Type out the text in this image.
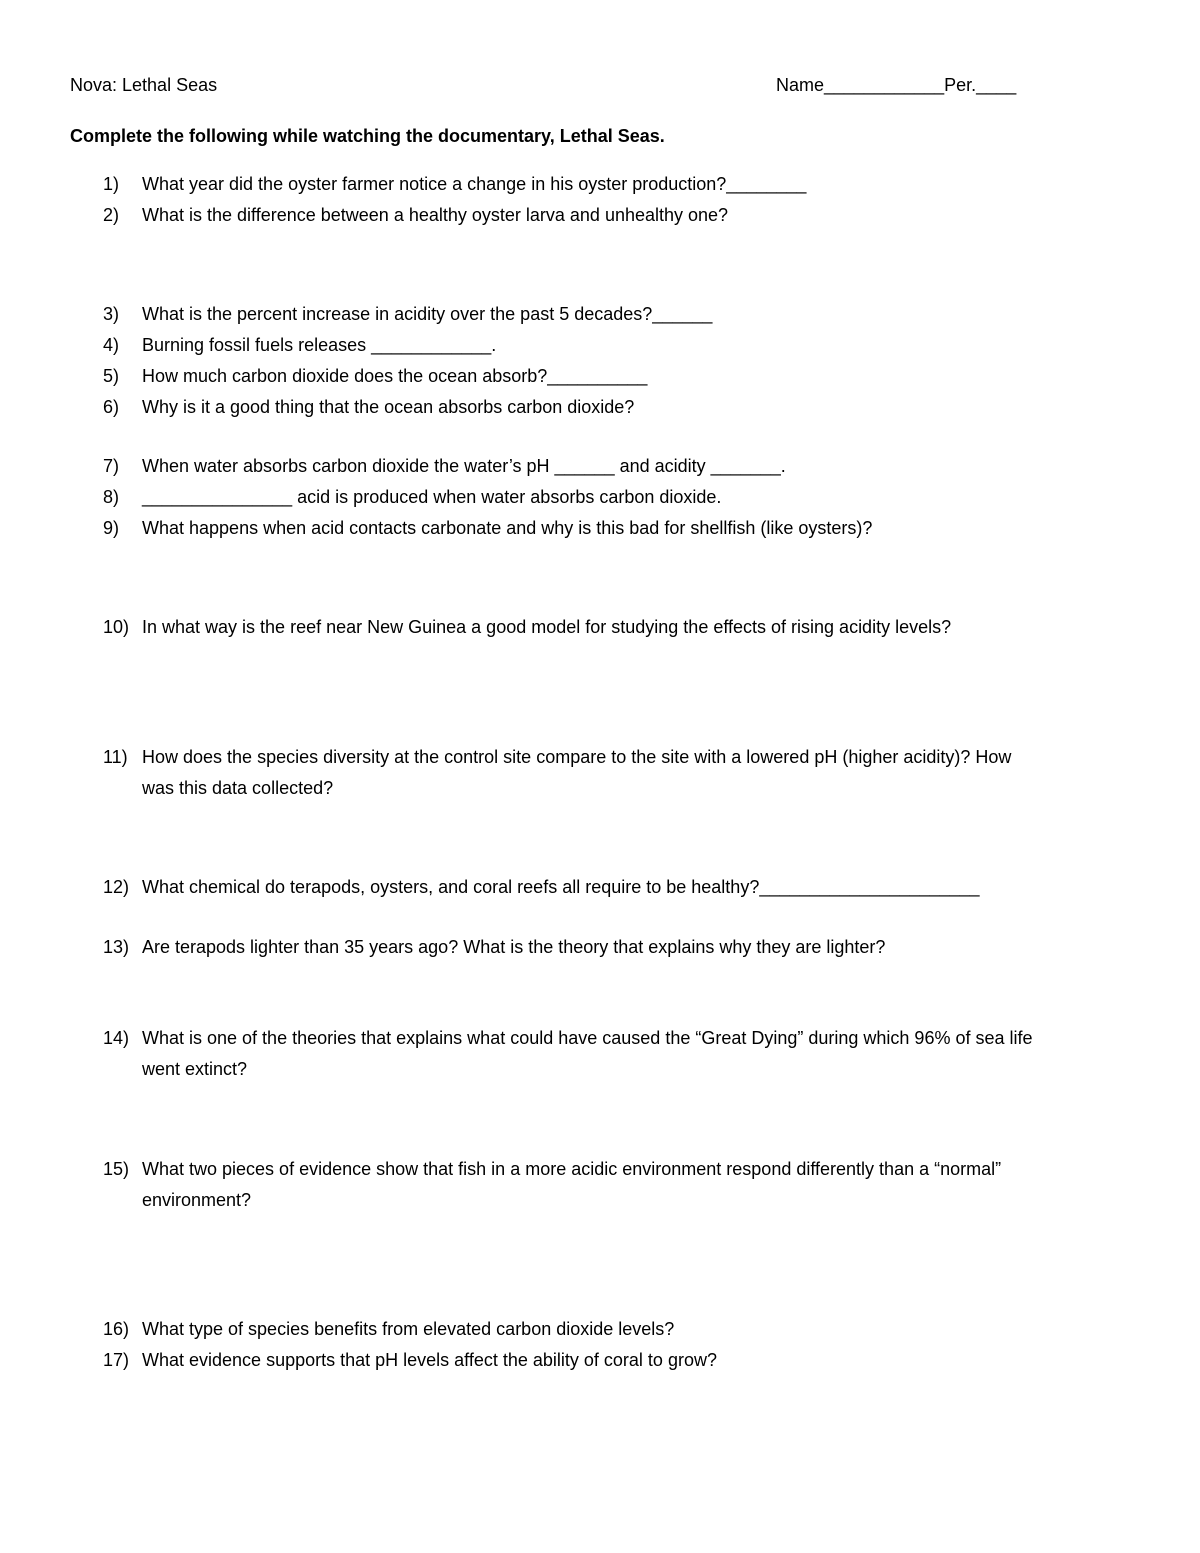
Nova: Lethal Seas	Name____________Per.____
Complete the following while watching the documentary, Lethal Seas.
1) What year did the oyster farmer notice a change in his oyster production?________
2) What is the difference between a healthy oyster larva and unhealthy one?
3) What is the percent increase in acidity over the past 5 decades?______
4) Burning fossil fuels releases ____________.
5) How much carbon dioxide does the ocean absorb?__________
6) Why is it a good thing that the ocean absorbs carbon dioxide?
7) When water absorbs carbon dioxide the water’s pH ______ and acidity _______.
8) _______________ acid is produced when water absorbs carbon dioxide.
9) What happens when acid contacts carbonate and why is this bad for shellfish (like oysters)?
10) In what way is the reef near New Guinea a good model for studying the effects of rising acidity levels?
11) How does the species diversity at the control site compare to the site with a lowered pH (higher acidity)? How
was this data collected?
12) What chemical do terapods, oysters, and coral reefs all require to be healthy?______________________
13) Are terapods lighter than 35 years ago? What is the theory that explains why they are lighter?
14) What is one of the theories that explains what could have caused the “Great Dying” during which 96% of sea life
went extinct?
15) What two pieces of evidence show that fish in a more acidic environment respond differently than a “normal”
environment?
16) What type of species benefits from elevated carbon dioxide levels?
17) What evidence supports that pH levels affect the ability of coral to grow?
